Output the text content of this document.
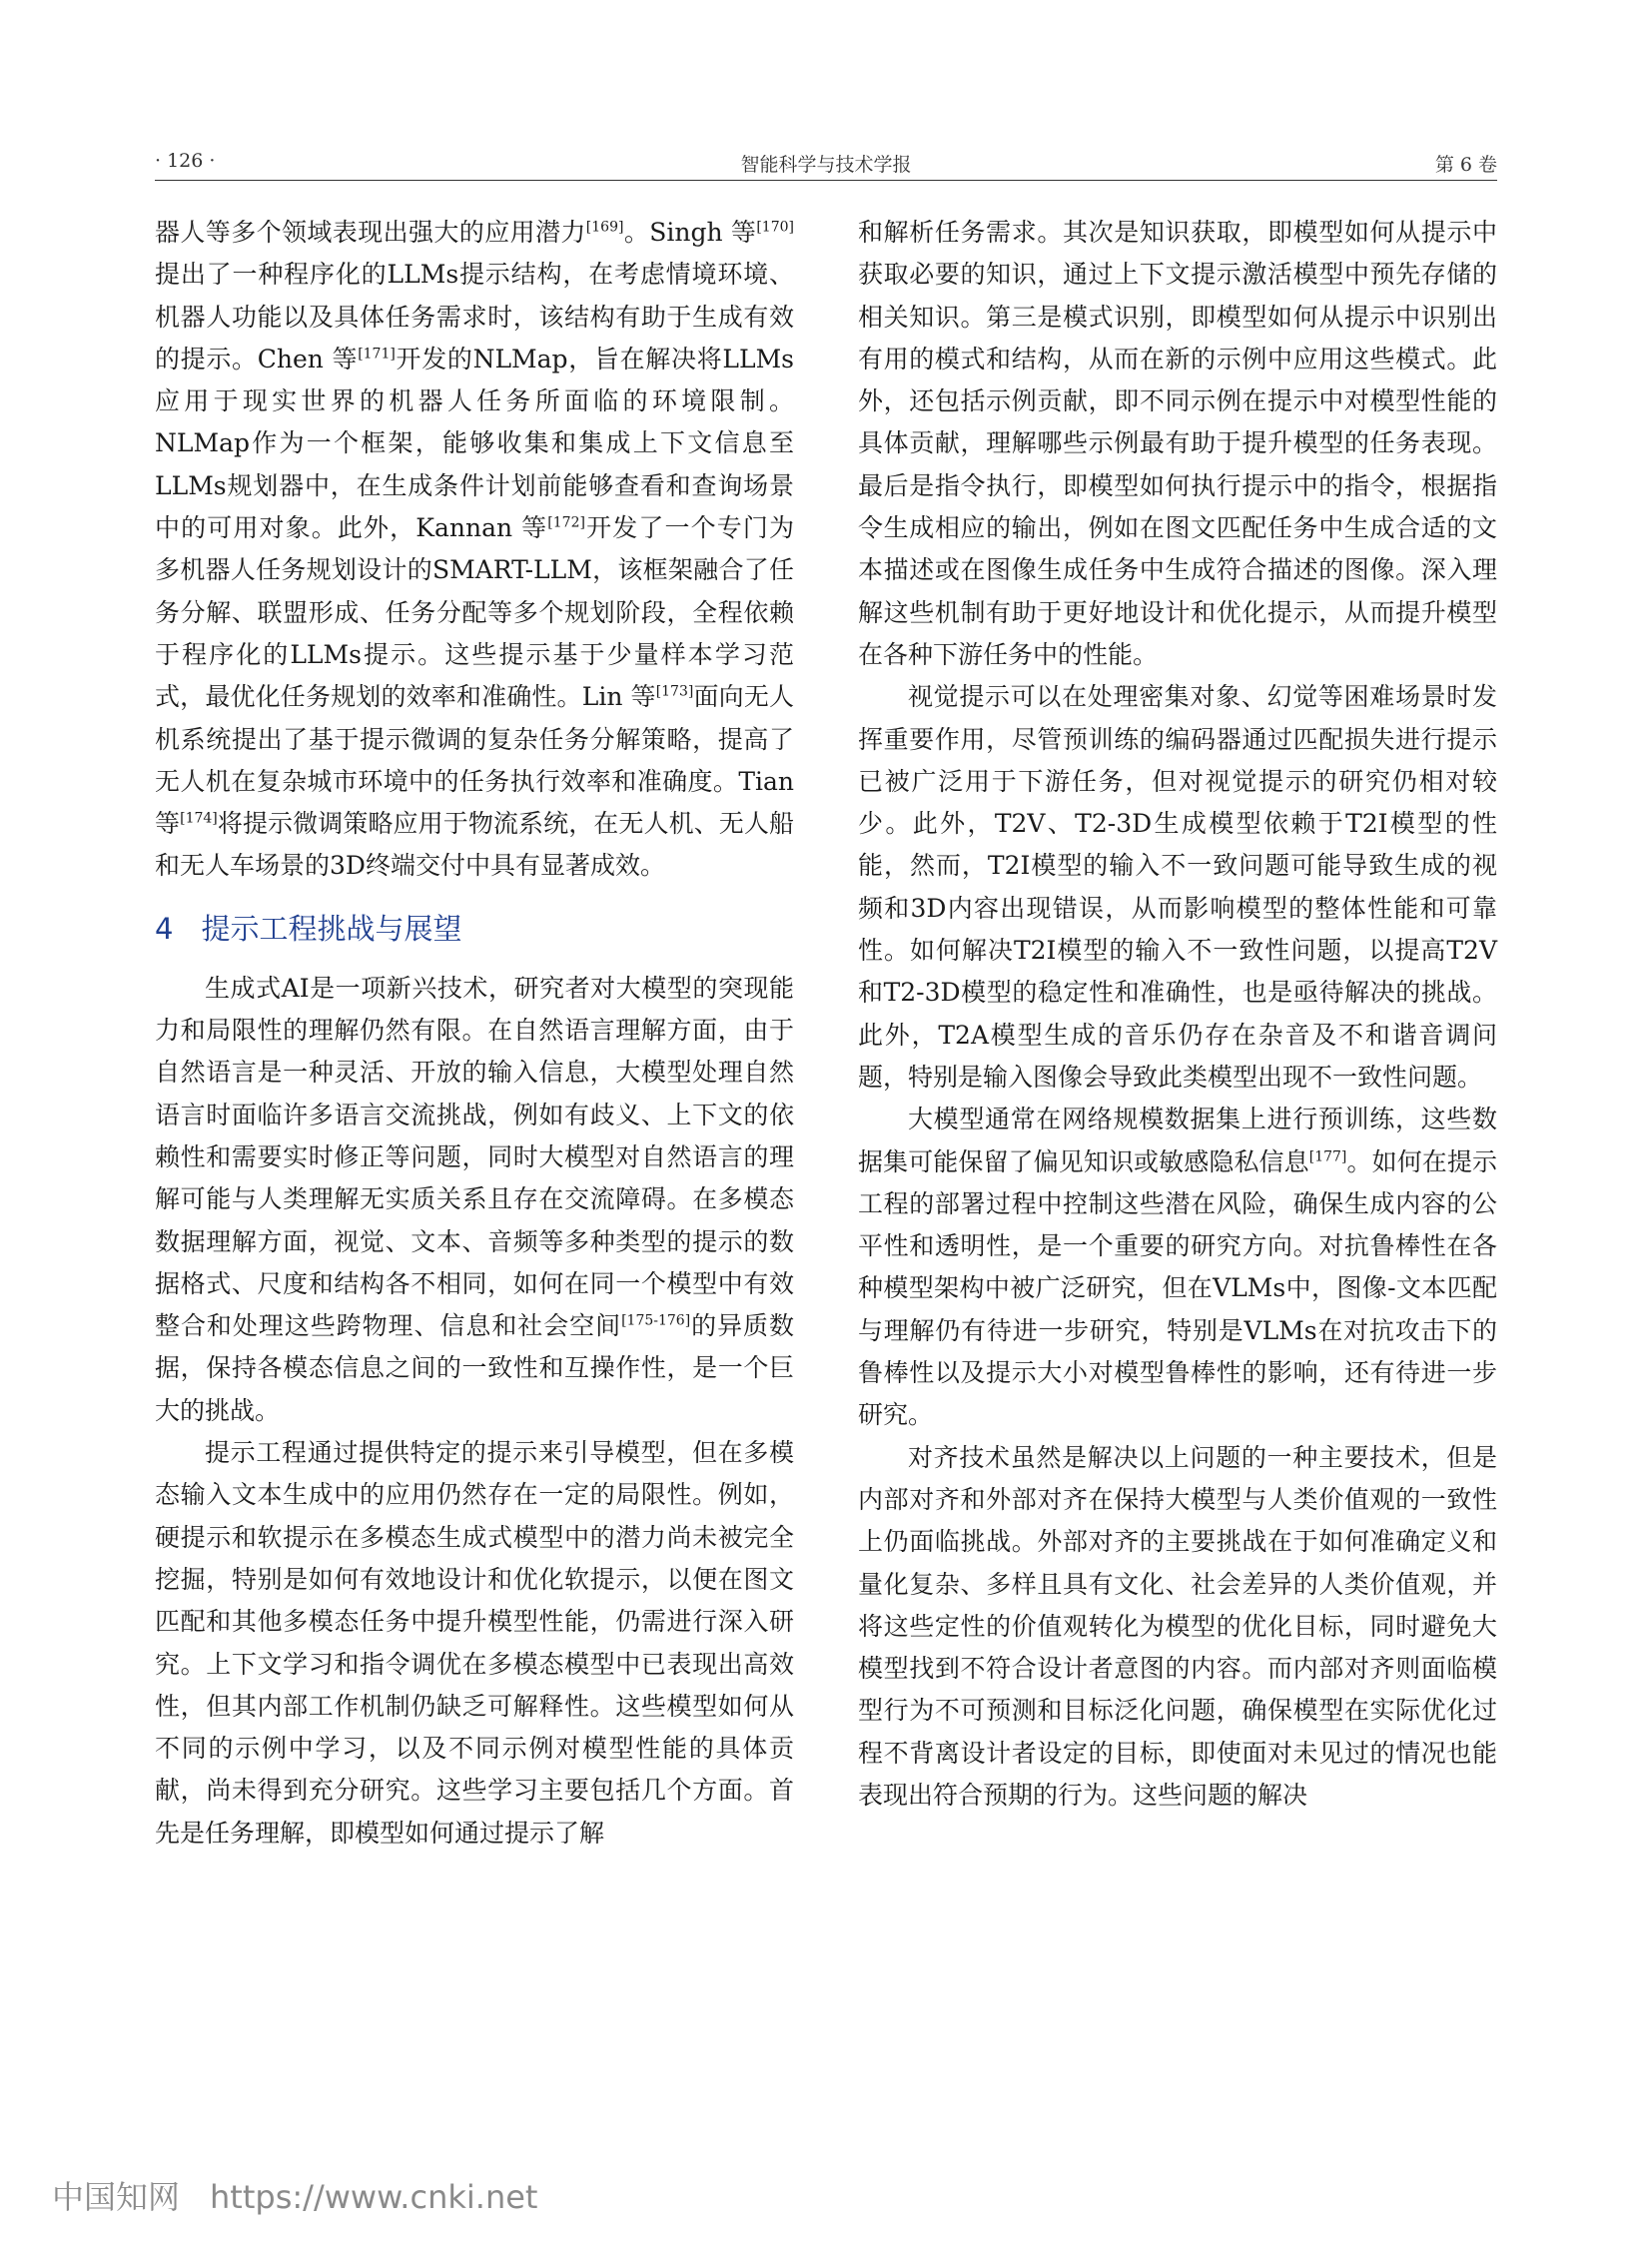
· 126 ·	智能科学与技术学报	第 6 卷

器人等多个领域表现出强大的应用潜力[169]。Singh 等[170]提出了一种程序化的LLMs提示结构，在考虑情境环境、机器人功能以及具体任务需求时，该结构有助于生成有效的提示。Chen 等[171]开发的NLMap，旨在解决将LLMs应用于现实世界的机器人任务所面临的环境限制。NLMap作为一个框架，能够收集和集成上下文信息至LLMs规划器中，在生成条件计划前能够查看和查询场景中的可用对象。此外，Kannan 等[172]开发了一个专门为多机器人任务规划设计的SMART-LLM，该框架融合了任务分解、联盟形成、任务分配等多个规划阶段，全程依赖于程序化的LLMs提示。这些提示基于少量样本学习范式，最优化任务规划的效率和准确性。Lin 等[173]面向无人机系统提出了基于提示微调的复杂任务分解策略，提高了无人机在复杂城市环境中的任务执行效率和准确度。Tian 等[174]将提示微调策略应用于物流系统，在无人机、无人船和无人车场景的3D终端交付中具有显著成效。

4 提示工程挑战与展望

生成式AI是一项新兴技术，研究者对大模型的突现能力和局限性的理解仍然有限。在自然语言理解方面，由于自然语言是一种灵活、开放的输入信息，大模型处理自然语言时面临许多语言交流挑战，例如有歧义、上下文的依赖性和需要实时修正等问题，同时大模型对自然语言的理解可能与人类理解无实质关系且存在交流障碍。在多模态数据理解方面，视觉、文本、音频等多种类型的提示的数据格式、尺度和结构各不相同，如何在同一个模型中有效整合和处理这些跨物理、信息和社会空间[175-176]的异质数据，保持各模态信息之间的一致性和互操作性，是一个巨大的挑战。

提示工程通过提供特定的提示来引导模型，但在多模态输入文本生成中的应用仍然存在一定的局限性。例如，硬提示和软提示在多模态生成式模型中的潜力尚未被完全挖掘，特别是如何有效地设计和优化软提示，以便在图文匹配和其他多模态任务中提升模型性能，仍需进行深入研究。上下文学习和指令调优在多模态模型中已表现出高效性，但其内部工作机制仍缺乏可解释性。这些模型如何从不同的示例中学习，以及不同示例对模型性能的具体贡献，尚未得到充分研究。这些学习主要包括几个方面。首先是任务理解，即模型如何通过提示了解

和解析任务需求。其次是知识获取，即模型如何从提示中获取必要的知识，通过上下文提示激活模型中预先存储的相关知识。第三是模式识别，即模型如何从提示中识别出有用的模式和结构，从而在新的示例中应用这些模式。此外，还包括示例贡献，即不同示例在提示中对模型性能的具体贡献，理解哪些示例最有助于提升模型的任务表现。最后是指令执行，即模型如何执行提示中的指令，根据指令生成相应的输出，例如在图文匹配任务中生成合适的文本描述或在图像生成任务中生成符合描述的图像。深入理解这些机制有助于更好地设计和优化提示，从而提升模型在各种下游任务中的性能。

视觉提示可以在处理密集对象、幻觉等困难场景时发挥重要作用，尽管预训练的编码器通过匹配损失进行提示已被广泛用于下游任务，但对视觉提示的研究仍相对较少。此外，T2V、T2-3D生成模型依赖于T2I模型的性能，然而，T2I模型的输入不一致问题可能导致生成的视频和3D内容出现错误，从而影响模型的整体性能和可靠性。如何解决T2I模型的输入不一致性问题，以提高T2V和T2-3D模型的稳定性和准确性，也是亟待解决的挑战。此外，T2A模型生成的音乐仍存在杂音及不和谐音调问题，特别是输入图像会导致此类模型出现不一致性问题。

大模型通常在网络规模数据集上进行预训练，这些数据集可能保留了偏见知识或敏感隐私信息[177]。如何在提示工程的部署过程中控制这些潜在风险，确保生成内容的公平性和透明性，是一个重要的研究方向。对抗鲁棒性在各种模型架构中被广泛研究，但在VLMs中，图像-文本匹配与理解仍有待进一步研究，特别是VLMs在对抗攻击下的鲁棒性以及提示大小对模型鲁棒性的影响，还有待进一步研究。

对齐技术虽然是解决以上问题的一种主要技术，但是内部对齐和外部对齐在保持大模型与人类价值观的一致性上仍面临挑战。外部对齐的主要挑战在于如何准确定义和量化复杂、多样且具有文化、社会差异的人类价值观，并将这些定性的价值观转化为模型的优化目标，同时避免大模型找到不符合设计者意图的内容。而内部对齐则面临模型行为不可预测和目标泛化问题，确保模型在实际优化过程不背离设计者设定的目标，即使面对未见过的情况也能表现出符合预期的行为。这些问题的解决

中国知网 https://www.cnki.net
